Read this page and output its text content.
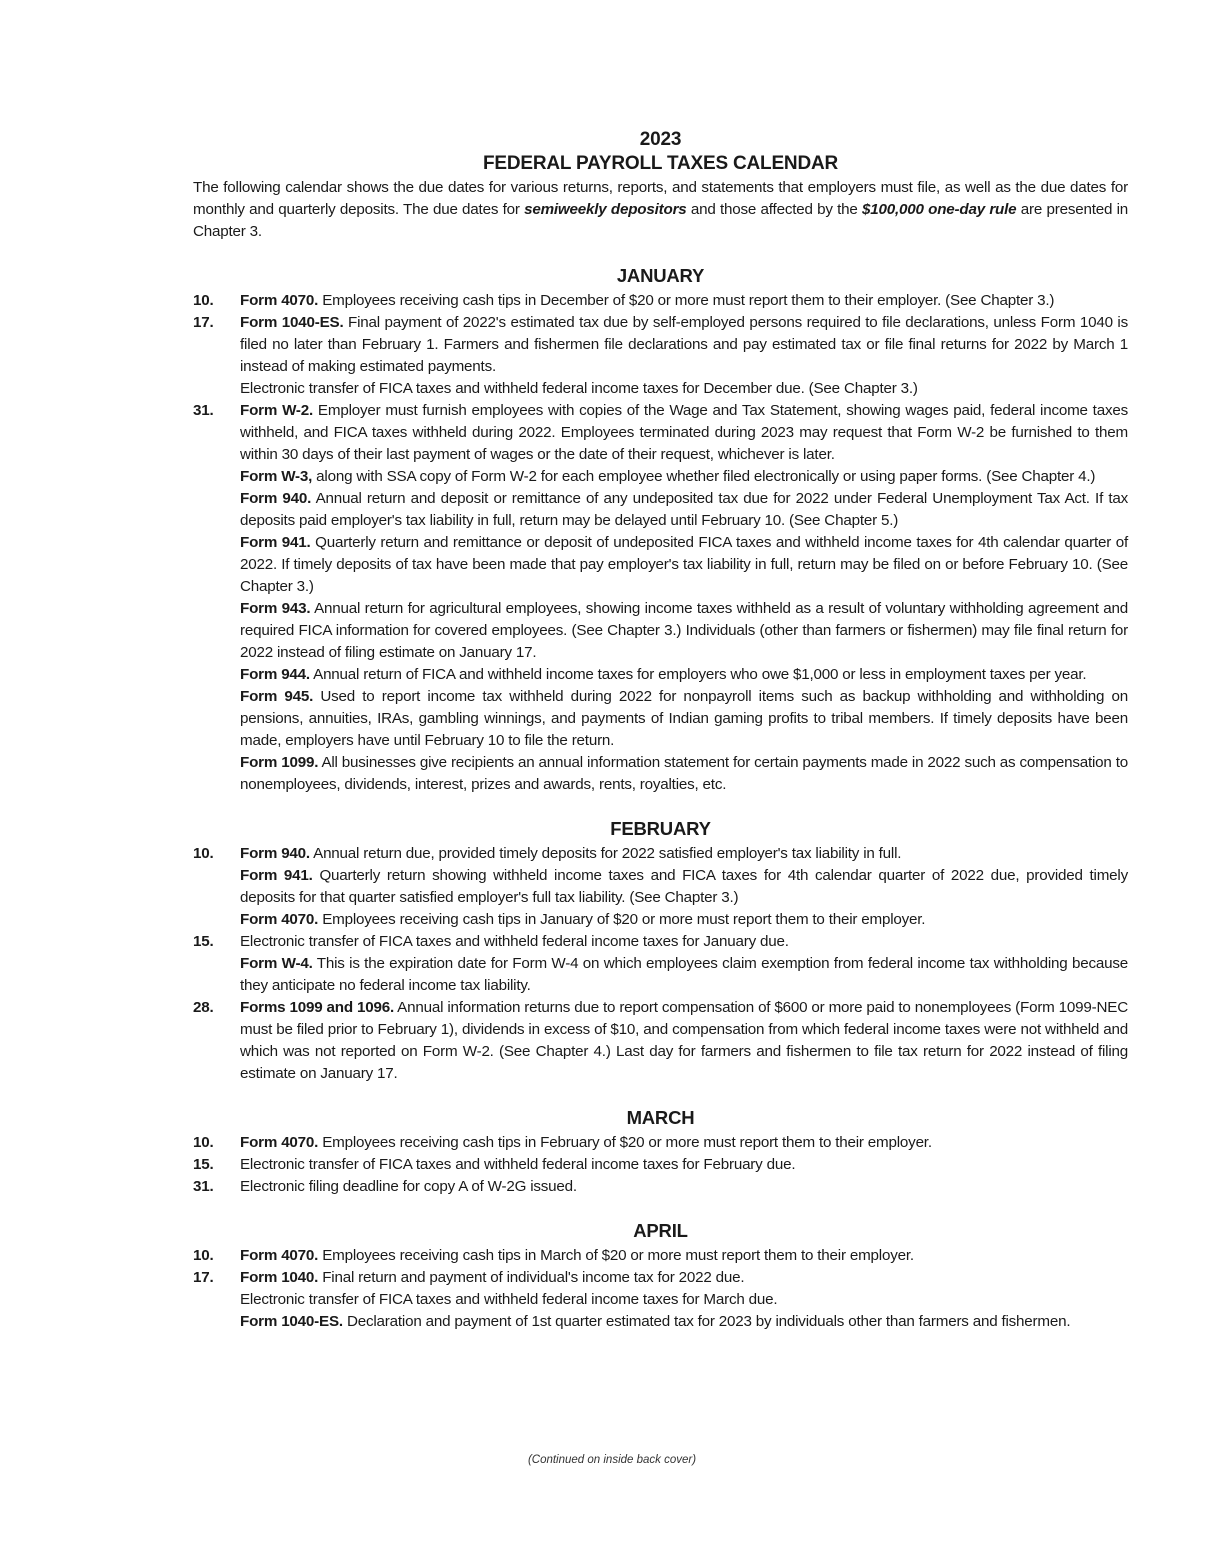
2023

FEDERAL PAYROLL TAXES CALENDAR

The following calendar shows the due dates for various returns, reports, and statements that employers must file, as well as the due dates for monthly and quarterly deposits. The due dates for semiweekly depositors and those affected by the $100,000 one-day rule are presented in Chapter 3.

JANUARY
10.	Form 4070. Employees receiving cash tips in December of $20 or more must report them to their employer. (See Chapter 3.)

17.	Form 1040-ES. Final payment of 2022's estimated tax due by self-employed persons required to file declarations, unless Form 1040 is filed no later than February 1. Farmers and fishermen file declarations and pay estimated tax or file final returns for 2022 by March 1 instead of making estimated payments.

Electronic transfer of FICA taxes and withheld federal income taxes for December due. (See Chapter 3.)

31.	Form W-2. Employer must furnish employees with copies of the Wage and Tax Statement, showing wages paid, federal income taxes withheld, and FICA taxes withheld during 2022. Employees terminated during 2023 may request that Form W-2 be furnished to them within 30 days of their last payment of wages or the date of their request, whichever is later.

Form W-3, along with SSA copy of Form W-2 for each employee whether filed electronically or using paper forms. (See Chapter 4.)

Form 940. Annual return and deposit or remittance of any undeposited tax due for 2022 under Federal Unemployment Tax Act. If tax deposits paid employer's tax liability in full, return may be delayed until February 10. (See Chapter 5.)

Form 941. Quarterly return and remittance or deposit of undeposited FICA taxes and withheld income taxes for 4th calendar quarter of 2022. If timely deposits of tax have been made that pay employer's tax liability in full, return may be filed on or before February 10. (See Chapter 3.)

Form 943. Annual return for agricultural employees, showing income taxes withheld as a result of voluntary withholding agreement and required FICA information for covered employees. (See Chapter 3.) Individuals (other than farmers or fishermen) may file final return for 2022 instead of filing estimate on January 17.

Form 944. Annual return of FICA and withheld income taxes for employers who owe $1,000 or less in employment taxes per year.

Form 945. Used to report income tax withheld during 2022 for nonpayroll items such as backup withholding and withholding on pensions, annuities, IRAs, gambling winnings, and payments of Indian gaming profits to tribal members. If timely deposits have been made, employers have until February 10 to file the return.

Form 1099. All businesses give recipients an annual information statement for certain payments made in 2022 such as compensation to nonemployees, dividends, interest, prizes and awards, rents, royalties, etc.

FEBRUARY
10.	Form 940. Annual return due, provided timely deposits for 2022 satisfied employer's tax liability in full.

Form 941. Quarterly return showing withheld income taxes and FICA taxes for 4th calendar quarter of 2022 due, provided timely deposits for that quarter satisfied employer's full tax liability. (See Chapter 3.)

Form 4070. Employees receiving cash tips in January of $20 or more must report them to their employer.

15.	Electronic transfer of FICA taxes and withheld federal income taxes for January due.

Form W-4. This is the expiration date for Form W-4 on which employees claim exemption from federal income tax withholding because they anticipate no federal income tax liability.

28.	Forms 1099 and 1096. Annual information returns due to report compensation of $600 or more paid to nonemployees (Form 1099-NEC must be filed prior to February 1), dividends in excess of $10, and compensation from which federal income taxes were not withheld and which was not reported on Form W-2. (See Chapter 4.) Last day for farmers and fishermen to file tax return for 2022 instead of filing estimate on January 17.

MARCH
10.	Form 4070. Employees receiving cash tips in February of $20 or more must report them to their employer.

15.	Electronic transfer of FICA taxes and withheld federal income taxes for February due.

31.	Electronic filing deadline for copy A of W-2G issued.

APRIL
10.	Form 4070. Employees receiving cash tips in March of $20 or more must report them to their employer.

17.	Form 1040. Final return and payment of individual's income tax for 2022 due.

Electronic transfer of FICA taxes and withheld federal income taxes for March due.

Form 1040-ES. Declaration and payment of 1st quarter estimated tax for 2023 by individuals other than farmers and fishermen.

(Continued on inside back cover)
